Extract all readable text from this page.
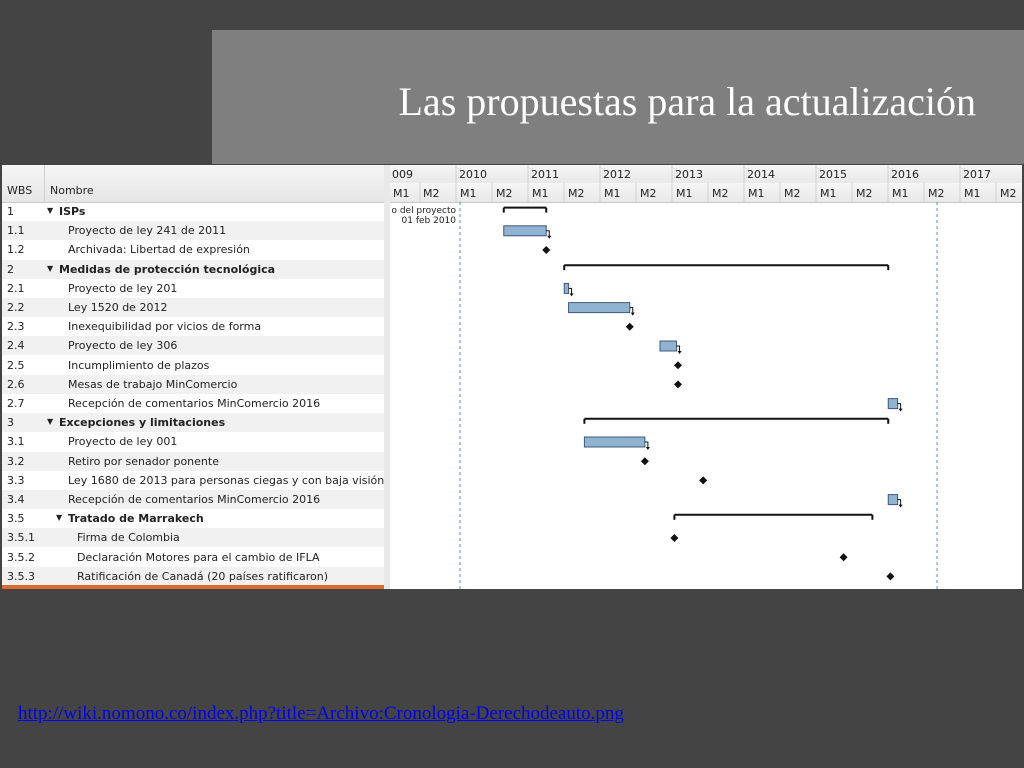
Las propuestas para la actualización
WBS Nombre
1	▼ ISPs
1.1	Proyecto de ley 241 de 2011
1.2	Archivada: Libertad de expresión
2	▼ Medidas de protección tecnológica
2.1	Proyecto de ley 201
2.2	Ley 1520 de 2012
2.3	Inexequibilidad por vicios de forma
2.4	Proyecto de ley 306
2.5	Incumplimiento de plazos
2.6	Mesas de trabajo MinComercio
2.7	Recepción de comentarios MinComercio 2016
3	▼ Excepciones y limitaciones
3.1	Proyecto de ley 001
3.2	Retiro por senador ponente
3.3	Ley 1680 de 2013 para personas ciegas y con baja visión
3.4	Recepción de comentarios MinComercio 2016
3.5	▼ Tratado de Marrakech
3.5.1	Firma de Colombia
3.5.2	Declaración Motores para el cambio de IFLA
3.5.3	Ratificación de Canadá (20 países ratificaron)
009	2010	2011	2012	2013	2014	2015	2016	2017
M1 M2 M1 M2 M1 M2 M1 M2 M1 M2 M1 M2 M1 M2 M1 M2 M1 M2
o del proyecto
01 feb 2010
http://wiki.nomono.co/index.php?title=Archivo:Cronologia-Derechodeauto.png
